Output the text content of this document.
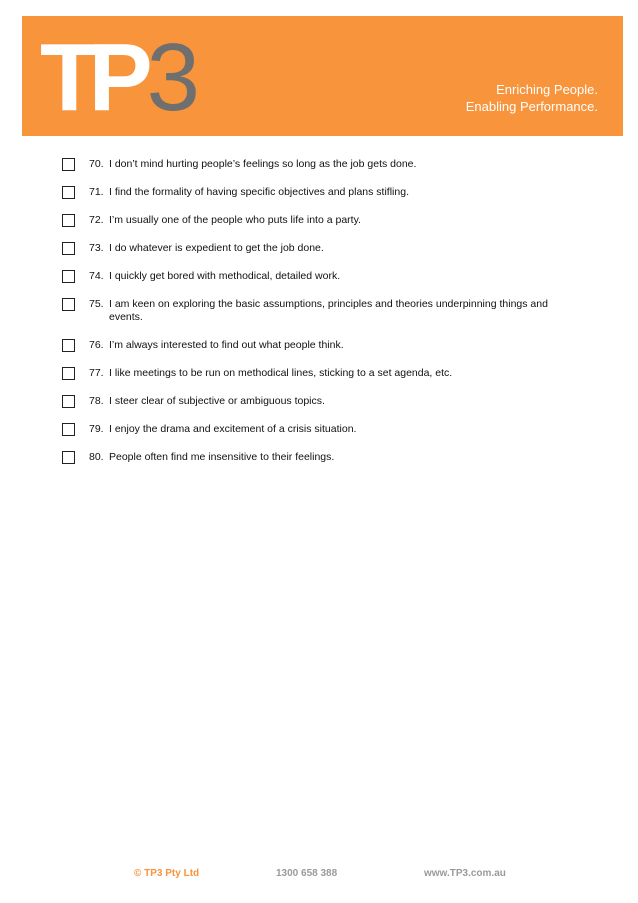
TP3	Enriching People.
Enabling Performance.
70. I don’t mind hurting people’s feelings so long as the job gets done.
71. I find the formality of having specific objectives and plans stifling.
72. I’m usually one of the people who puts life into a party.
73. I do whatever is expedient to get the job done.
74. I quickly get bored with methodical, detailed work.
75. I am keen on exploring the basic assumptions, principles and theories underpinning things and events.
76. I’m always interested to find out what people think.
77. I like meetings to be run on methodical lines, sticking to a set agenda, etc.
78. I steer clear of subjective or ambiguous topics.
79. I enjoy the drama and excitement of a crisis situation.
80. People often find me insensitive to their feelings.
© TP3 Pty Ltd	1300 658 388	www.TP3.com.au
